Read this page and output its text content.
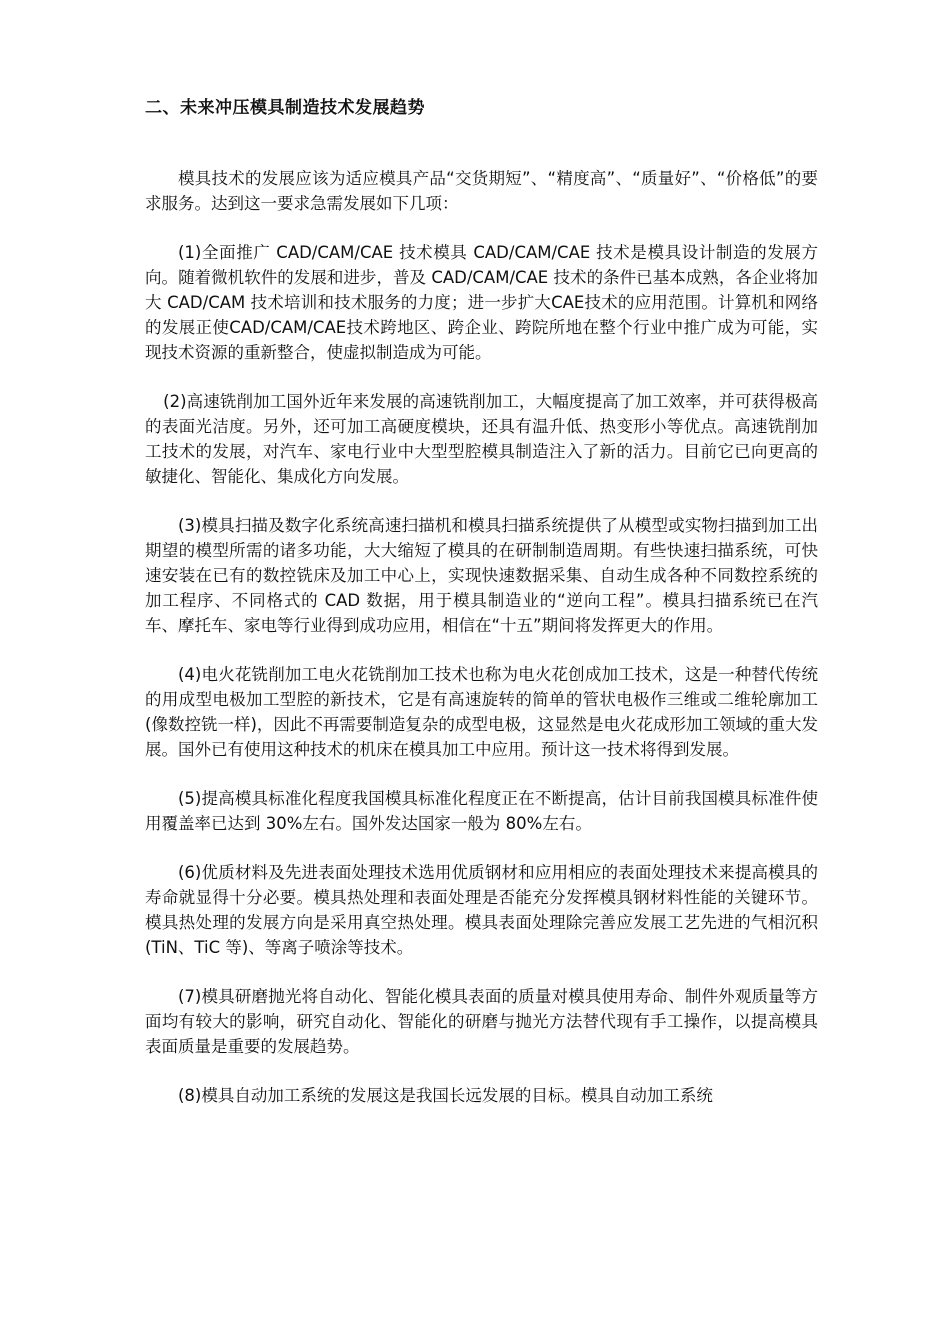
二、未来冲压模具制造技术发展趋势

模具技术的发展应该为适应模具产品“交货期短”、“精度高”、“质量好”、“价格低”的要求服务。达到这一要求急需发展如下几项：

(1)全面推广 CAD/CAM/CAE 技术模具 CAD/CAM/CAE 技术是模具设计制造的发展方向。随着微机软件的发展和进步，普及 CAD/CAM/CAE 技术的条件已基本成熟，各企业将加大 CAD/CAM 技术培训和技术服务的力度；进一步扩大CAE技术的应用范围。计算机和网络的发展正使CAD/CAM/CAE技术跨地区、跨企业、跨院所地在整个行业中推广成为可能，实现技术资源的重新整合，使虚拟制造成为可能。

(2)高速铣削加工国外近年来发展的高速铣削加工，大幅度提高了加工效率，并可获得极高的表面光洁度。另外，还可加工高硬度模块，还具有温升低、热变形小等优点。高速铣削加工技术的发展，对汽车、家电行业中大型型腔模具制造注入了新的活力。目前它已向更高的敏捷化、智能化、集成化方向发展。

(3)模具扫描及数字化系统高速扫描机和模具扫描系统提供了从模型或实物扫描到加工出期望的模型所需的诸多功能，大大缩短了模具的在研制制造周期。有些快速扫描系统，可快速安装在已有的数控铣床及加工中心上，实现快速数据采集、自动生成各种不同数控系统的加工程序、不同格式的 CAD 数据，用于模具制造业的“逆向工程”。模具扫描系统已在汽车、摩托车、家电等行业得到成功应用，相信在“十五”期间将发挥更大的作用。

(4)电火花铣削加工电火花铣削加工技术也称为电火花创成加工技术，这是一种替代传统的用成型电极加工型腔的新技术，它是有高速旋转的简单的管状电极作三维或二维轮廓加工(像数控铣一样)，因此不再需要制造复杂的成型电极，这显然是电火花成形加工领域的重大发展。国外已有使用这种技术的机床在模具加工中应用。预计这一技术将得到发展。

(5)提高模具标准化程度我国模具标准化程度正在不断提高，估计目前我国模具标准件使用覆盖率已达到 30%左右。国外发达国家一般为 80%左右。

(6)优质材料及先进表面处理技术选用优质钢材和应用相应的表面处理技术来提高模具的寿命就显得十分必要。模具热处理和表面处理是否能充分发挥模具钢材料性能的关键环节。模具热处理的发展方向是采用真空热处理。模具表面处理除完善应发展工艺先进的气相沉积(TiN、TiC 等)、等离子喷涂等技术。

(7)模具研磨抛光将自动化、智能化模具表面的质量对模具使用寿命、制件外观质量等方面均有较大的影响，研究自动化、智能化的研磨与抛光方法替代现有手工操作，以提高模具表面质量是重要的发展趋势。

(8)模具自动加工系统的发展这是我国长远发展的目标。模具自动加工系统
